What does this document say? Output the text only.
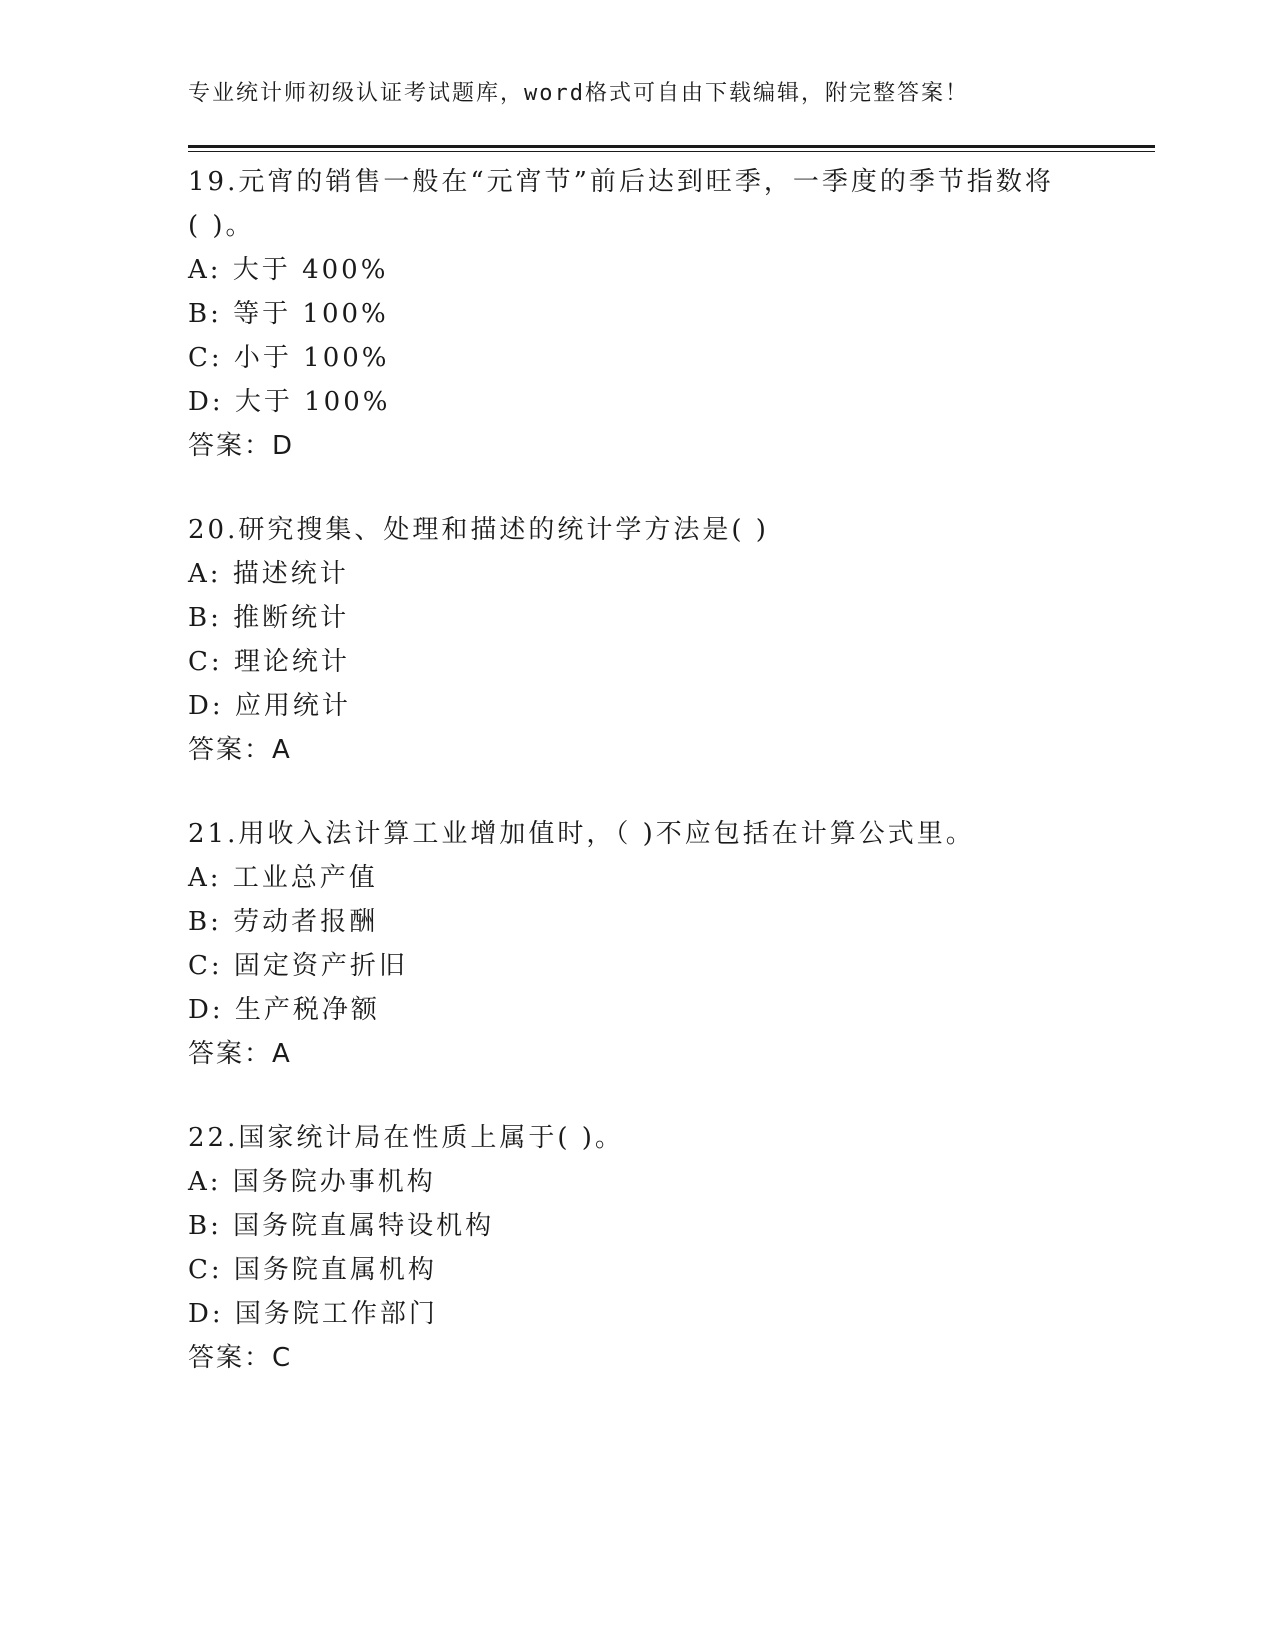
专业统计师初级认证考试题库，word格式可自由下载编辑，附完整答案！

19.元宵的销售一般在“元宵节”前后达到旺季，一季度的季节指数将

( )。

A: 大于 400%

B: 等于 100%

C: 小于 100%

D: 大于 100%

答案：D

20.研究搜集、处理和描述的统计学方法是( )

A: 描述统计

B: 推断统计

C: 理论统计

D: 应用统计

答案：A

21.用收入法计算工业增加值时，（ )不应包括在计算公式里。

A: 工业总产值

B: 劳动者报酬

C: 固定资产折旧

D: 生产税净额

答案：A

22.国家统计局在性质上属于( )。

A: 国务院办事机构

B: 国务院直属特设机构

C: 国务院直属机构

D: 国务院工作部门

答案：C
